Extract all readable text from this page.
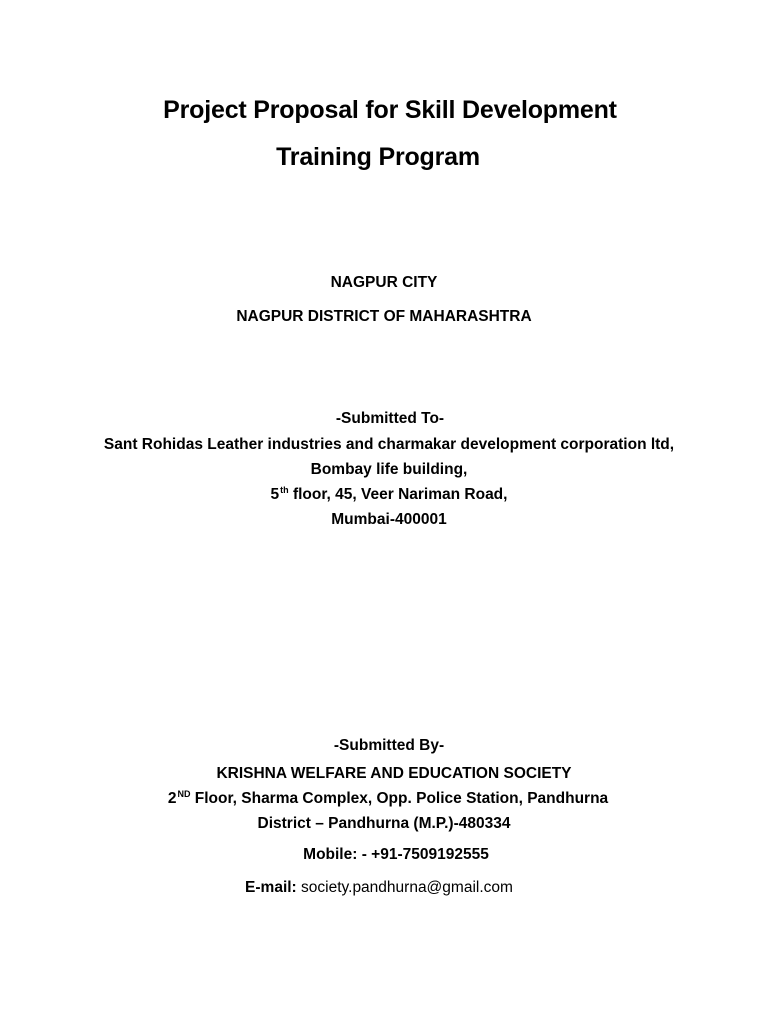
Project Proposal for Skill Development
Training Program
NAGPUR CITY
NAGPUR DISTRICT OF MAHARASHTRA
-Submitted To-
Sant Rohidas Leather industries and charmakar development corporation ltd,
Bombay life building,
5th floor, 45, Veer Nariman Road,
Mumbai-400001
-Submitted By-
KRISHNA WELFARE AND EDUCATION SOCIETY
2ND Floor, Sharma Complex, Opp. Police Station, Pandhurna
District – Pandhurna (M.P.)-480334
Mobile: - +91-7509192555
E-mail: society.pandhurna@gmail.com
